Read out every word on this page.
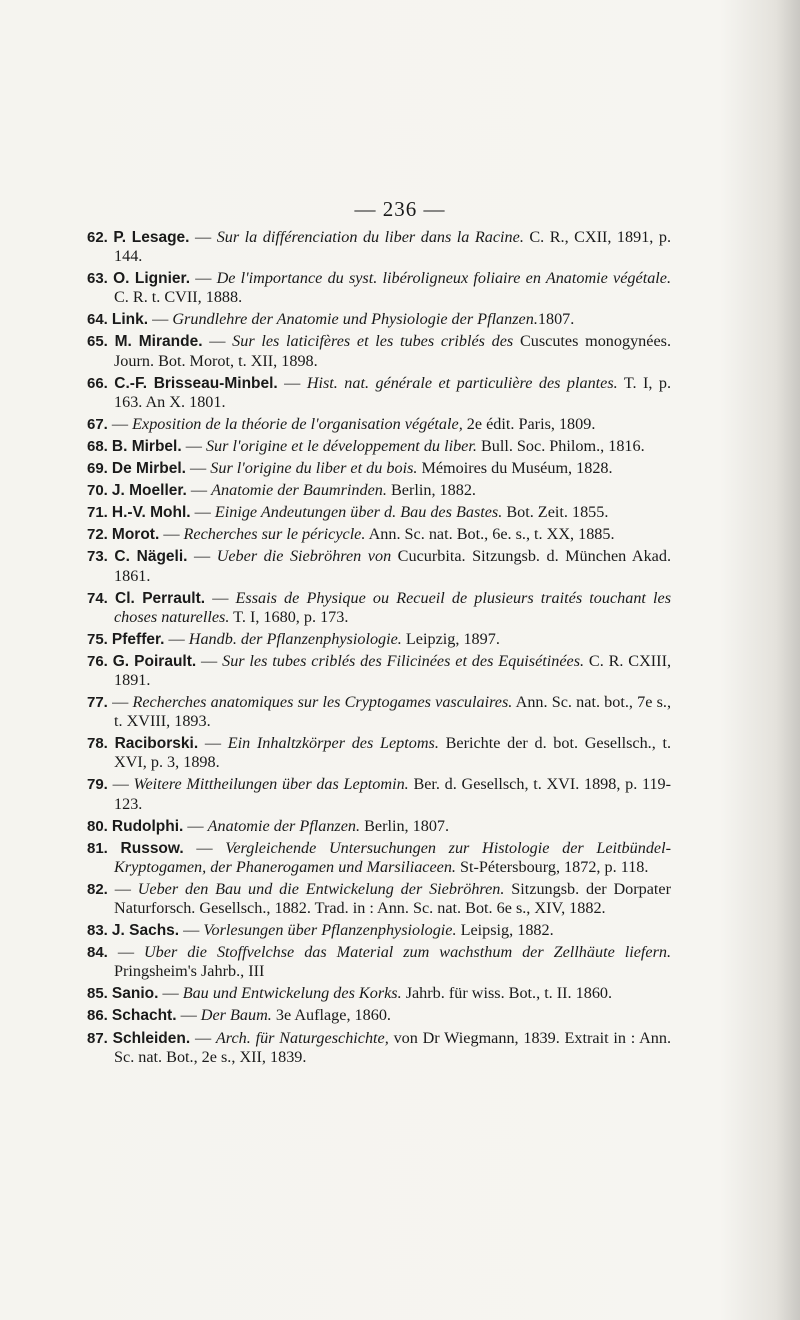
— 236 —

62. P. Lesage. — Sur la différenciation du liber dans la Racine. C. R., CXII, 1891, p. 144.

63. O. Lignier. — De l'importance du syst. libéroligneux foliaire en Anatomie végétale. C. R. t. CVII, 1888.

64. Link. — Grundlehre der Anatomie und Physiologie der Pflanzen.1807.

65. M. Mirande. — Sur les laticifères et les tubes criblés des Cuscutes monogynées. Journ. Bot. Morot, t. XII, 1898.

66. C.-F. Brisseau-Minbel. — Hist. nat. générale et particulière des plantes. T. I, p. 163. An X. 1801.

67. — Exposition de la théorie de l'organisation végétale, 2e édit. Paris, 1809.

68. B. Mirbel. — Sur l'origine et le développement du liber. Bull. Soc. Philom., 1816.

69. De Mirbel. — Sur l'origine du liber et du bois. Mémoires du Muséum, 1828.

70. J. Moeller. — Anatomie der Baumrinden. Berlin, 1882.

71. H.-V. Mohl. — Einige Andeutungen über d. Bau des Bastes. Bot. Zeit. 1855.

72. Morot. — Recherches sur le péricycle. Ann. Sc. nat. Bot., 6e. s., t. XX, 1885.

73. C. Nägeli. — Ueber die Siebröhren von Cucurbita. Sitzungsb. d. München Akad. 1861.

74. Cl. Perrault. — Essais de Physique ou Recueil de plusieurs traités touchant les choses naturelles. T. I, 1680, p. 173.

75. Pfeffer. — Handb. der Pflanzenphysiologie. Leipzig, 1897.

76. G. Poirault. — Sur les tubes criblés des Filicinées et des Equisétinées. C. R. CXIII, 1891.

77. — Recherches anatomiques sur les Cryptogames vasculaires. Ann. Sc. nat. bot., 7e s., t. XVIII, 1893.

78. Raciborski. — Ein Inhaltzkörper des Leptoms. Berichte der d. bot. Gesellsch., t. XVI, p. 3, 1898.

79. — Weitere Mittheilungen über das Leptomin. Ber. d. Gesellsch, t. XVI. 1898, p. 119-123.

80. Rudolphi. — Anatomie der Pflanzen. Berlin, 1807.

81. Russow. — Vergleichende Untersuchungen zur Histologie der Leitbündel-Kryptogamen, der Phanerogamen und Marsiliaceen. St-Pétersbourg, 1872, p. 118.

82. — Ueber den Bau und die Entwickelung der Siebröhren. Sitzungsb. der Dorpater Naturforsch. Gesellsch., 1882. Trad. in : Ann. Sc. nat. Bot. 6e s., XIV, 1882.

83. J. Sachs. — Vorlesungen über Pflanzenphysiologie. Leipsig, 1882.

84. — Uber die Stoffvelchse das Material zum wachsthum der Zellhäute liefern. Pringsheim's Jahrb., III

85. Sanio. — Bau und Entwickelung des Korks. Jahrb. für wiss. Bot., t. II. 1860.

86. Schacht. — Der Baum. 3e Auflage, 1860.

87. Schleiden. — Arch. für Naturgeschichte, von Dr Wiegmann, 1839. Extrait in : Ann. Sc. nat. Bot., 2e s., XII, 1839.
